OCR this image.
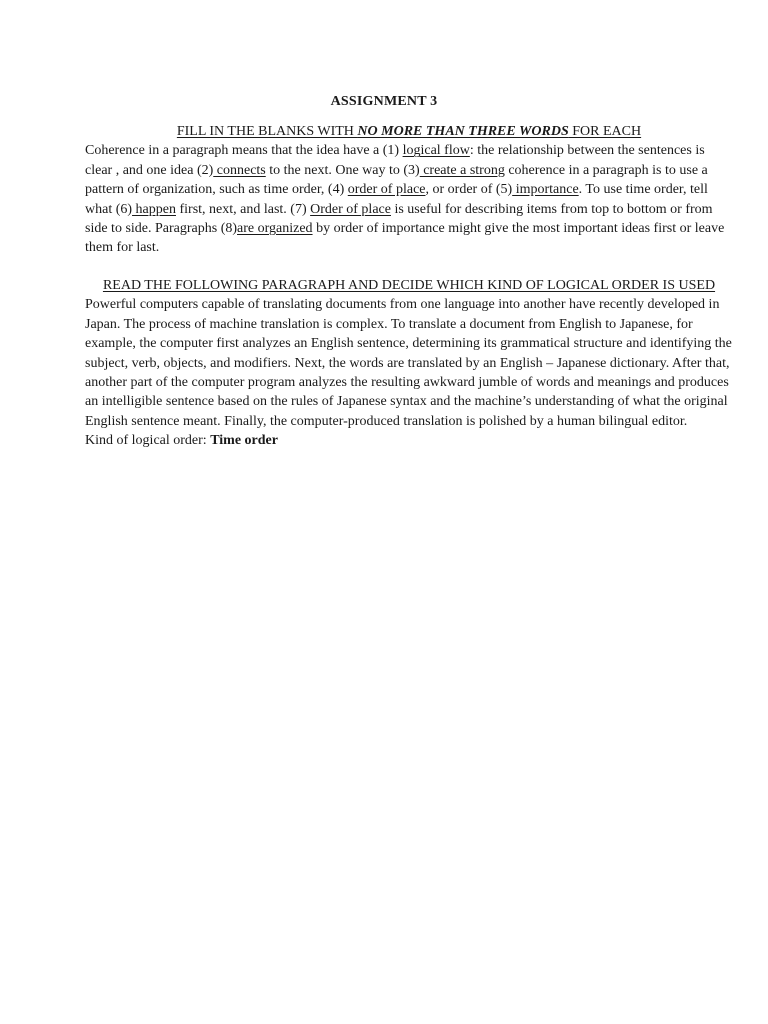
ASSIGNMENT 3
FILL IN THE BLANKS WITH NO MORE THAN THREE WORDS FOR EACH
Coherence in a paragraph means that the idea have a (1) logical flow: the relationship between the sentences is clear , and one idea (2) connects to the next. One way to (3) create a strong coherence in a paragraph is to use a pattern of organization, such as time order, (4) order of place, or order of (5) importance. To use time order, tell what (6) happen first, next, and last. (7) Order of place is useful for describing items from top to bottom or from side to side. Paragraphs (8)are organized by order of importance might give the most important ideas first or leave them for last.
READ THE FOLLOWING PARAGRAPH AND DECIDE WHICH KIND OF LOGICAL ORDER IS USED
Powerful computers capable of translating documents from one language into another have recently developed in Japan. The process of machine translation is complex. To translate a document from English to Japanese, for example, the computer first analyzes an English sentence, determining its grammatical structure and identifying the subject, verb, objects, and modifiers. Next, the words are translated by an English – Japanese dictionary. After that, another part of the computer program analyzes the resulting awkward jumble of words and meanings and produces an intelligible sentence based on the rules of Japanese syntax and the machine’s understanding of what the original English sentence meant. Finally, the computer-produced translation is polished by a human bilingual editor.
Kind of logical order: Time order
